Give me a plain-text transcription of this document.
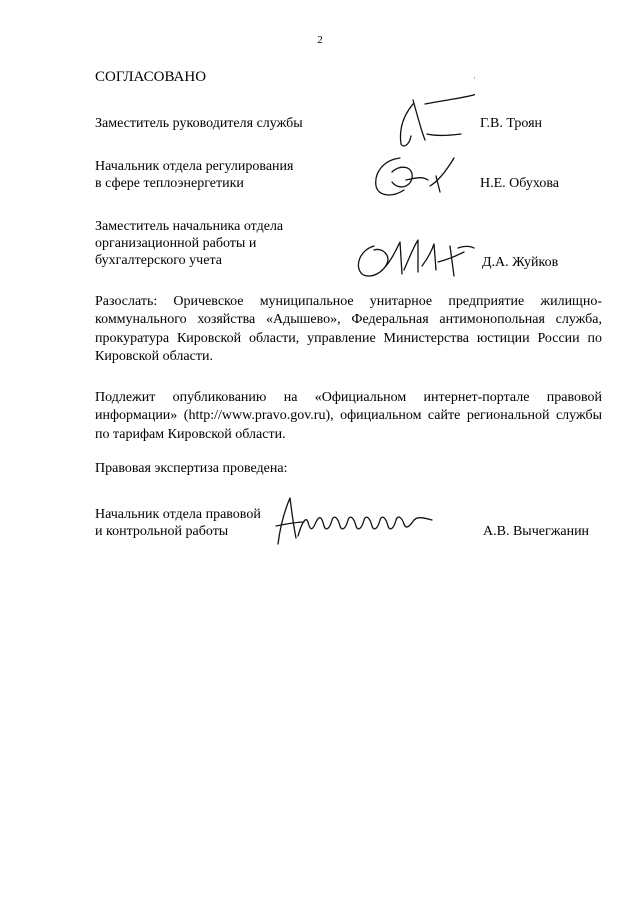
2
СОГЛАСОВАНО
Заместитель руководителя службы	Г.В. Троян
Начальник отдела регулирования
в сфере теплоэнергетики	Н.Е. Обухова
Заместитель начальника отдела
организационной работы и
бухгалтерского учета	Д.А. Жуйков
Разослать: Оричевское муниципальное унитарное предприятие жилищно-коммунального хозяйства «Адышево», Федеральная антимонопольная служба, прокуратура Кировской области, управление Министерства юстиции России по Кировской области.
Подлежит опубликованию на «Официальном интернет-портале правовой информации» (http://www.pravo.gov.ru), официальном сайте региональной службы по тарифам Кировской области.
Правовая экспертиза проведена:
Начальник отдела правовой
и контрольной работы	А.В. Вычегжанин
